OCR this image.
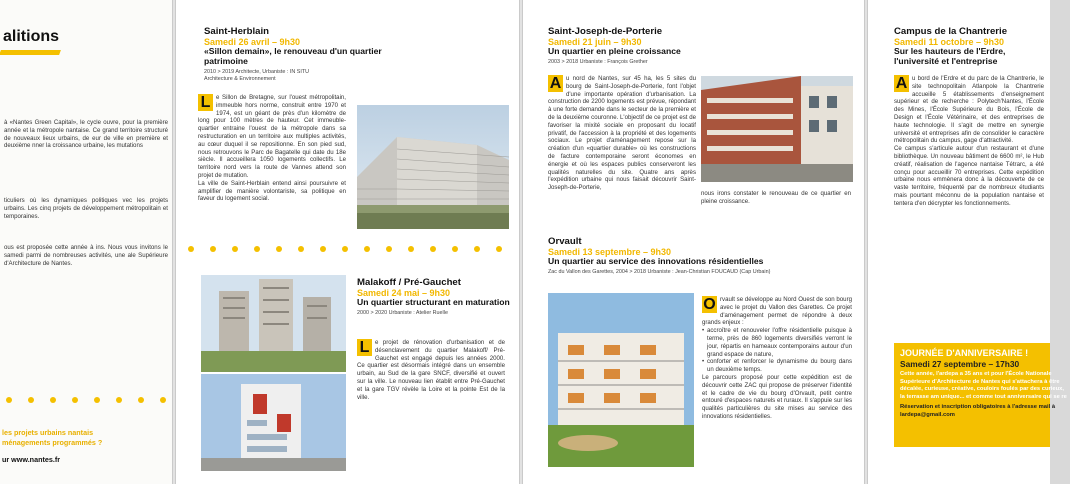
alitions
à «Nantes Green Capital», le cycle ouvre, pour la première année et la métropole nantaise. Ce grand territoire structuré de nouveaux lieux urbains, de eur de ville en première et deuxième nner la croissance urbaine, les mutations
ticuliers où les dynamiques politiques vec les projets urbains. Les cinq projets de développement métropolitain et temporaines.
ous est proposée cette année à ins. Nous vous invitons le samedi parmi de nombreuses activités, une ale Supérieure d'Architecture de Nantes.
les projets urbains nantais
ménagements programmés ?
ur www.nantes.fr
Saint-Herblain
Samedi 26 avril – 9h30
«Sillon demain», le renouveau d'un quartier patrimoine
2010 > 2019 Architecte, Urbaniste : IN SITU
Architecture & Environnement
L e Sillon de Bretagne, sur l'ouest métropolitain, immeuble hors norme, construit entre 1970 et 1974, est un géant de près d'un kilomètre de long pour 100 mètres de hauteur. Cet immeuble-quartier entraine l'ouest de la métropole dans sa restructuration en un territoire aux multiples activités, au cœur duquel il se repositionne. En son pied sud, nous retrouvons le Parc de Bagatelle qui date du 18e siècle. Il accueillera 1050 logements collectifs. Le territoire nord vers la route de Vannes attend son projet de mutation.
La ville de Saint-Herblain entend ainsi poursuivre et amplifier de manière volontariste, sa politique en faveur du logement social.
Malakoff / Pré-Gauchet
Samedi 24 mai – 9h30
Un quartier structurant en maturation
2000 > 2020 Urbaniste : Atelier Ruelle
L e projet de rénovation d'urbanisation et de désenclavement du quartier Malakoff/ Pré-Gauchet est engagé depuis les années 2000. Ce quartier est désormais intégré dans un ensemble urbain, au Sud de la gare SNCF, diversifié et ouvert sur la ville. Le nouveau lien établit entre Pré-Gauchet et la gare TGV révèle la Loire et la pointe Est de la ville.
Saint-Joseph-de-Porterie
Samedi 21 juin – 9h30
Un quartier en pleine croissance
2003 > 2018 Urbaniste : François Grether
A u nord de Nantes, sur 45 ha, les 5 sites du bourg de Saint-Joseph-de-Porterie, font l'objet d'une importante opération d'urbanisation. La construction de 2200 logements est prévue, répondant à une forte demande dans le secteur de la première et de la deuxième couronne. L'objectif de ce projet est de favoriser la mixité sociale en proposant du locatif privatif, de l'accession à la propriété et des logements sociaux. Le projet d'aménagement repose sur la création d'un «quartier durable» où les constructions de facture contemporaine seront économes en énergie et où les espaces publics conserveront les qualités naturelles du site. Quatre ans après l'expédition urbaine qui nous faisait découvrir Saint-Joseph-de-Porterie,
nous irons constater le renouveau de ce quartier en pleine croissance.
Orvault
Samedi 13 septembre – 9h30
Un quartier au service des innovations résidentielles
Zac du Vallon des Garettes, 2004 > 2018 Urbaniste : Jean-Christian FOUCAUD (Cap Urbain)
O rvault se développe au Nord Ouest de son bourg avec le projet du Vallon des Garettes. Ce projet d'aménagement permet de répondre à deux grands enjeux :
• accroître et renouveler l'offre résidentielle puisque à terme, près de 860 logements diversifiés verront le jour, répartis en hameaux contemporains autour d'un grand espace de nature,
• conforter et renforcer le dynamisme du bourg dans un deuxième temps.
Le parcours proposé pour cette expédition est de découvrir cette ZAC qui propose de préserver l'identité et le cadre de vie du bourg d'Orvault, petit centre entouré d'espaces naturels et ruraux. Il s'appuie sur les qualités particulières du site mises au service des innovations résidentielles.
Campus de la Chantrerie
Samedi 11 octobre – 9h30
Sur les hauteurs de l'Erdre, l'université et l'entreprise
A u bord de l'Erdre et du parc de la Chantrerie, le site technopolitain Atlanpole la Chantrerie accueille 5 établissements d'enseignement supérieur et de recherche : Polytech'Nantes, l'École des Mines, l'École Supérieure du Bois, l'École de Design et l'École Vétérinaire, et des entreprises de haute technologie. Il s'agit de mettre en synergie université et entreprises afin de consolider le caractère métropolitain du campus, gage d'attractivité.
Ce campus s'articule autour d'un restaurant et d'une bibliothèque. Un nouveau bâtiment de 6600 m², le Hub créatif, réalisation de l'agence nantaise Tétrarc, a été conçu pour accueillir 70 entreprises. Cette expédition urbaine nous emmènera donc à la découverte de ce vaste territoire, fréquenté par de nombreux étudiants mais pourtant méconnu de la population nantaise et tentera d'en décrypter les fonctionnements.
JOURNÉE D'ANNIVERSAIRE !
Samedi 27 septembre – 17h30
Cette année, l'ardepa a 35 ans et pour l'École Nationale Supérieure d'Architecture de Nantes qui s'attachera à être décalée, curieuse, créative, couloirs foulés par des curieux, la terrasse am unique... et comme tout anniversaire qui se re
Réservation et inscription obligatoires à l'adresse mail à lardepa@gmail.com
